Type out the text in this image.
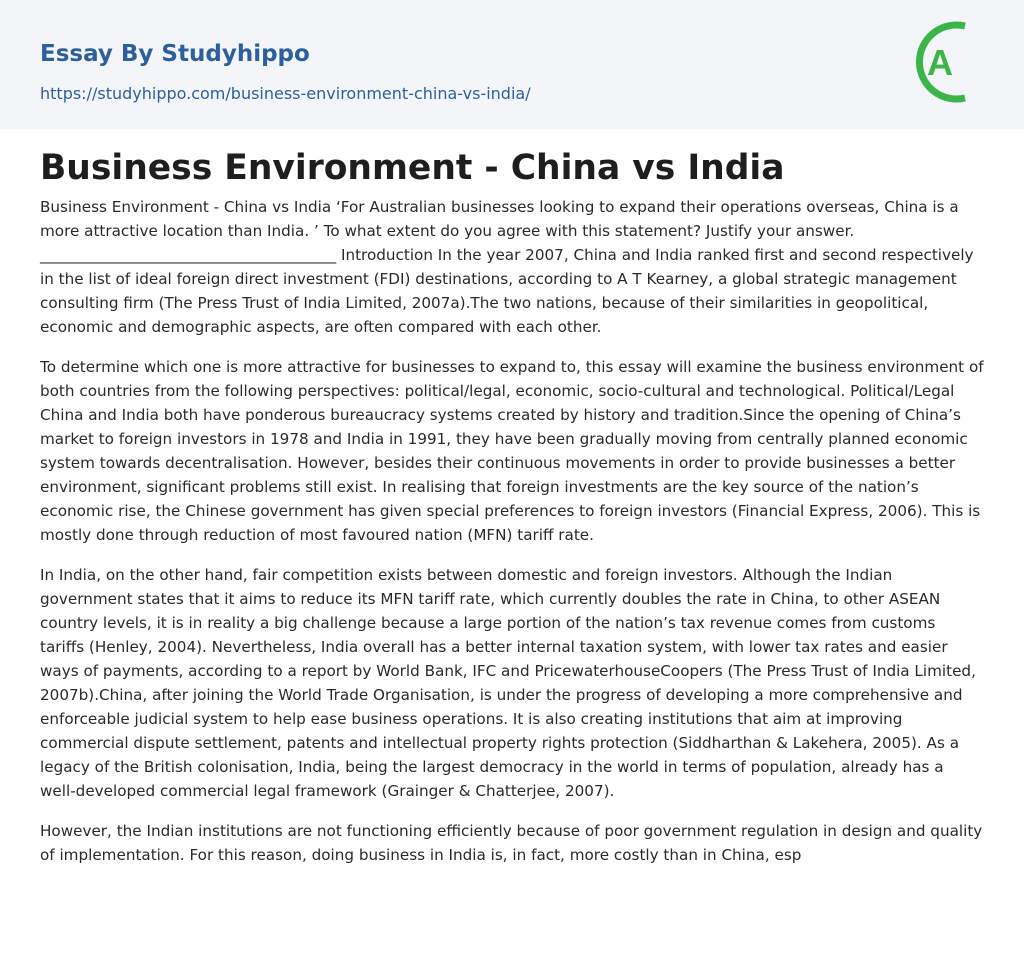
Essay By Studyhippo
https://studyhippo.com/business-environment-china-vs-india/
A
Business Environment - China vs India

Business Environment - China vs India ‘For Australian businesses looking to expand their operations overseas, China is a more attractive location than India. ’ To what extent do you agree with this statement? Justify your answer. _______________________________________ Introduction In the year 2007, China and India ranked first and second respectively in the list of ideal foreign direct investment (FDI) destinations, according to A T Kearney, a global strategic management consulting firm (The Press Trust of India Limited, 2007a).The two nations, because of their similarities in geopolitical, economic and demographic aspects, are often compared with each other.

To determine which one is more attractive for businesses to expand to, this essay will examine the business environment of both countries from the following perspectives: political/legal, economic, socio-cultural and technological. Political/Legal China and India both have ponderous bureaucracy systems created by history and tradition.Since the opening of China’s market to foreign investors in 1978 and India in 1991, they have been gradually moving from centrally planned economic system towards decentralisation. However, besides their continuous movements in order to provide businesses a better environment, significant problems still exist. In realising that foreign investments are the key source of the nation’s economic rise, the Chinese government has given special preferences to foreign investors (Financial Express, 2006). This is mostly done through reduction of most favoured nation (MFN) tariff rate.

In India, on the other hand, fair competition exists between domestic and foreign investors. Although the Indian government states that it aims to reduce its MFN tariff rate, which currently doubles the rate in China, to other ASEAN country levels, it is in reality a big challenge because a large portion of the nation’s tax revenue comes from customs tariffs (Henley, 2004). Nevertheless, India overall has a better internal taxation system, with lower tax rates and easier ways of payments, according to a report by World Bank, IFC and PricewaterhouseCoopers (The Press Trust of India Limited, 2007b).China, after joining the World Trade Organisation, is under the progress of developing a more comprehensive and enforceable judicial system to help ease business operations. It is also creating institutions that aim at improving commercial dispute settlement, patents and intellectual property rights protection (Siddharthan & Lakehera, 2005). As a legacy of the British colonisation, India, being the largest democracy in the world in terms of population, already has a well-developed commercial legal framework (Grainger & Chatterjee, 2007).

However, the Indian institutions are not functioning efficiently because of poor government regulation in design and quality of implementation. For this reason, doing business in India is, in fact, more costly than in China, esp
